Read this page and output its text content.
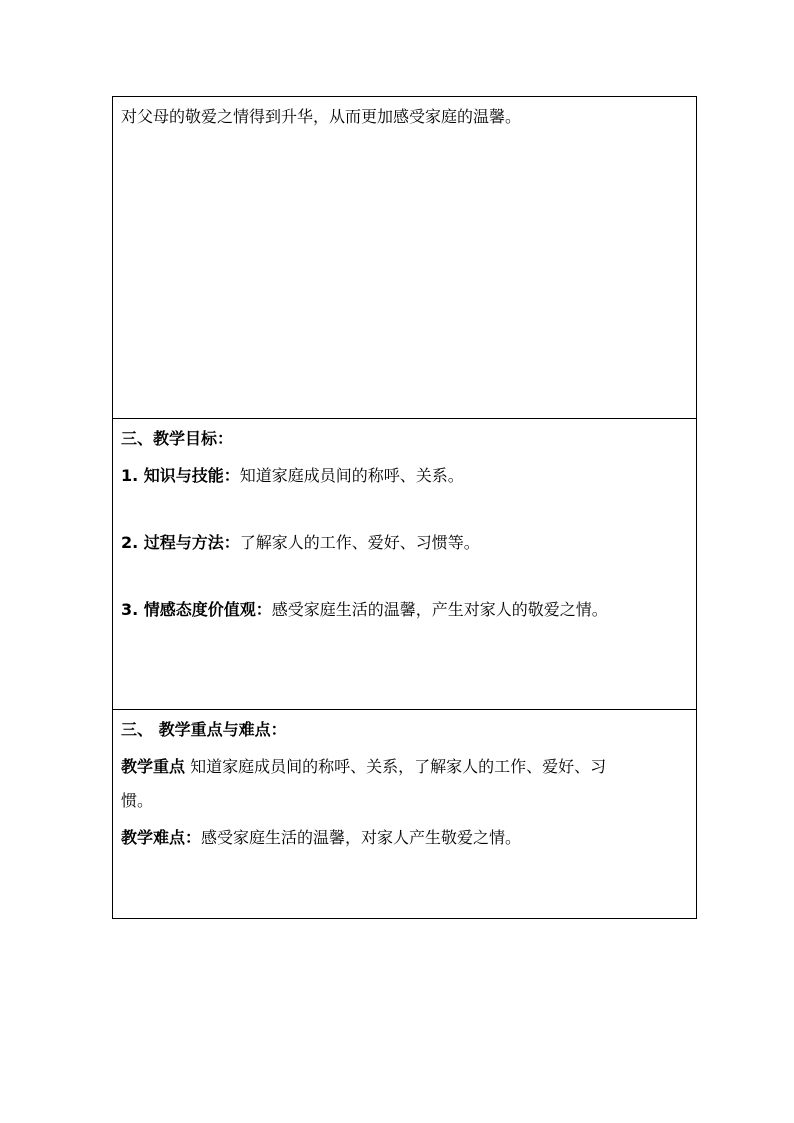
对父母的敬爱之情得到升华，从而更加感受家庭的温馨。
三、教学目标：
1. 知识与技能：知道家庭成员间的称呼、关系。
2. 过程与方法：了解家人的工作、爱好、习惯等。
3. 情感态度价值观：感受家庭生活的温馨，产生对家人的敬爱之情。
三、 教学重点与难点：
教学重点 知道家庭成员间的称呼、关系，了解家人的工作、爱好、习
惯。
教学难点：感受家庭生活的温馨，对家人产生敬爱之情。
